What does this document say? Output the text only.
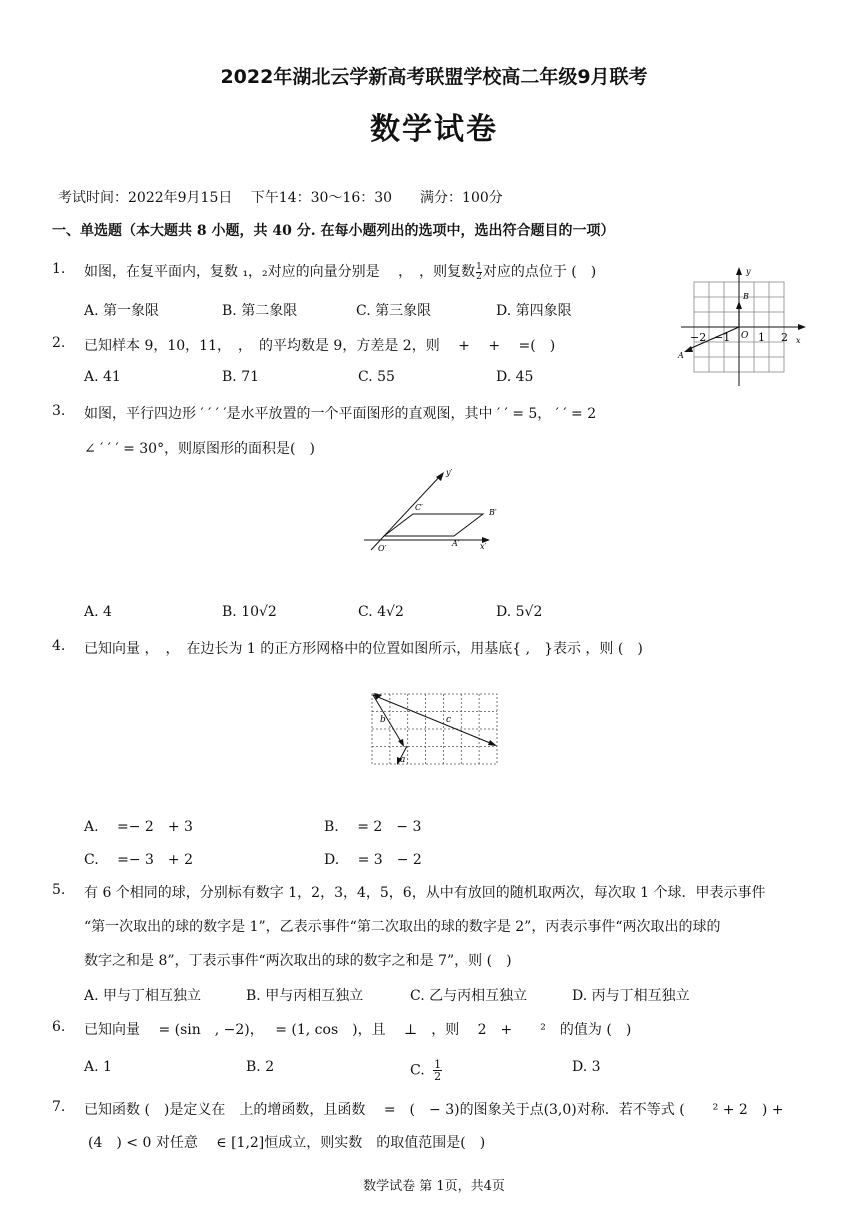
2022年湖北云学新高考联盟学校高二年级9月联考
数学试卷
考试时间：2022年9月15日　 下午14：30～16：30　　满分：100分
一、单选题（本大题共 8 小题，共 40 分. 在每小题列出的选项中，选出符合题目的一项）
1. 如图，在复平面内，复数 ₁，₂对应的向量分别是 　，　，则复数 $\frac{1}{2}$ 对应的点位于 (　)
A. 第一象限	B. 第二象限	C. 第三象限	D. 第四象限
y
B
O	x
A
−2 −1	1 2
2. 已知样本 9，10，11，　，　的平均数是 9，方差是 2，则　 +　 +　 =(　)
A. 41	B. 71	C. 55	D. 45
3. 如图，平行四边形 ′ ′ ′ ′是水平放置的一个平面图形的直观图，其中 ′ ′ = 5， ′ ′ = 2
∠ ′ ′ ′ = 30°，则原图形的面积是(　)
y′
C′
B′
O′
A′	x′
A. 4	B. 10√2	C. 4√2	D. 5√2
4. 已知向量 ，　，　在边长为 1 的正方形网格中的位置如图所示，用基底{ ,　}表示 ，则 (　)
b	c
a
A.　 =− 2　+ 3	B.　 = 2　− 3
C.　 =− 3　+ 2	D.　 = 3　− 2
5. 有 6 个相同的球，分别标有数字 1，2，3，4，5，6，从中有放回的随机取两次，每次取 1 个球．甲表示事件
“第一次取出的球的数字是 1”，乙表示事件“第二次取出的球的数字是 2”，丙表示事件“两次取出的球的
数字之和是 8”，丁表示事件“两次取出的球的数字之和是 7”，则 (　)
A. 甲与丁相互独立	B. 甲与丙相互独立	C. 乙与丙相互独立	D. 丙与丁相互独立
6. 已知向量　 = (sin　, −2)，　 = (1, cos　)，且　 ⊥　，则　 2　+　　²　的值为 (　)
A. 1	B. 2	C. $\frac{1}{2}$	D. 3
7. 已知函数 (　)是定义在　上的增函数，且函数　 =　(　− 3)的图象关于点(3,0)对称．若不等式 (　　² + 2　) +
(4　) < 0 对任意　 ∈ [1,2]恒成立，则实数　的取值范围是(　)
数学试卷 第 1页，共4页
